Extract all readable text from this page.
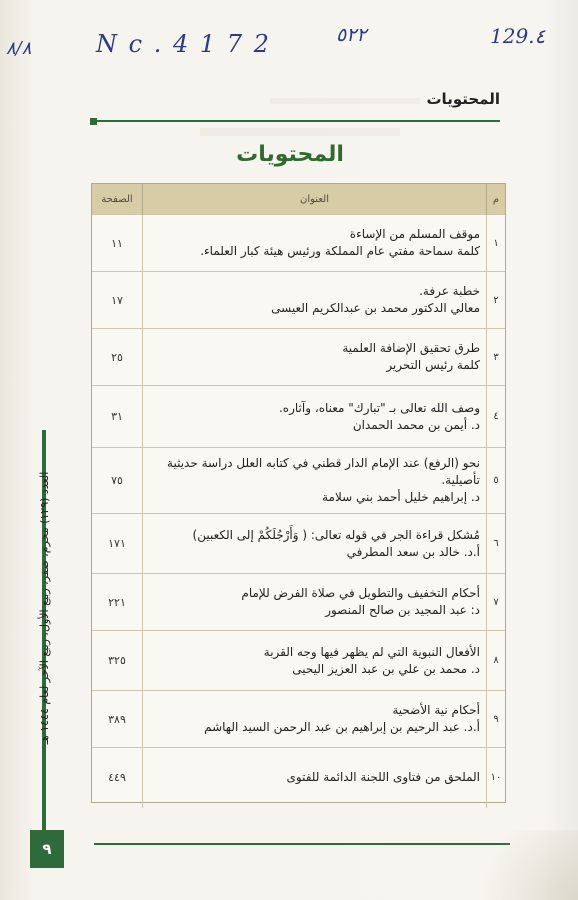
٨/٨	N c . 4 1 7 2	٥٢٢	129.٤
المحتويات
المحتويات
م	العنوان	الصفحة
١	موقف المسلم من الإساءة
كلمة سماحة مفتي عام المملكة ورئيس هيئة كبار العلماء.	١١
٢	خطبة عرفة.
معالي الدكتور محمد بن عبدالكريم العيسى	١٧
٣	طرق تحقيق الإضافة العلمية
كلمة رئيس التحرير	٢٥
٤	وصف الله تعالى بـ "تبارك" معناه، وآثاره.
د. أيمن بن محمد الحمدان	٣١
٥	نحو (الرفع) عند الإمام الدار قطني في كتابه العلل دراسة حديثية تأصيلية.
د. إبراهيم خليل أحمد بني سلامة	٧٥
٦	مُشكل قراءة الجر في قوله تعالى: ( وَأَرْجُلَكُمْ إلى الكعبين)
أ.د. خالد بن سعد المطرفي	١٧١
٧	أحكام التخفيف والتطويل في صلاة الفرض للإمام
د: عبد المجيد بن صالح المنصور	٢٢١
٨	الأفعال النبوية التي لم يظهر فيها وجه القربة
د. محمد بن علي بن عبد العزيز اليحيى	٣٢٥
٩	أحكام نية الأضحية
أ.د. عبد الرحيم بن إبراهيم بن عبد الرحمن السيد الهاشم	٣٨٩
١٠	الملحق من فتاوى اللجنة الدائمة للفتوى	٤٤٩
العدد (١٢٩) محرم، صفر، ربيع الأول، ربيع الآخر لعام ١٤٤٤ هـ
٩
